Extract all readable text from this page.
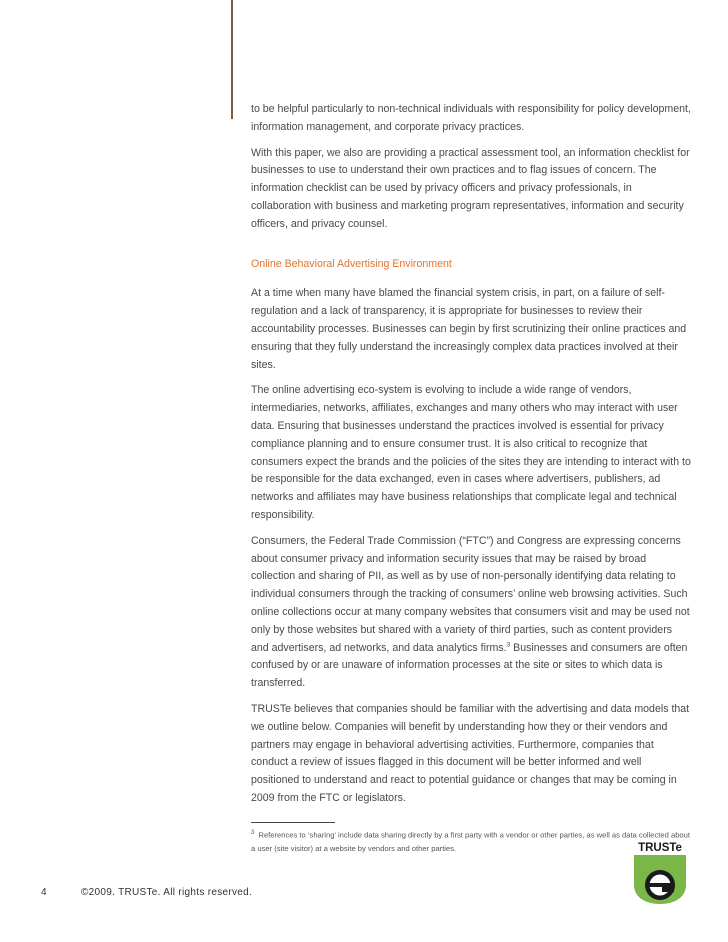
to be helpful particularly to non-technical individuals with responsibility for policy development, information management, and corporate privacy practices.

With this paper, we also are providing a practical assessment tool, an information checklist for businesses to use to understand their own practices and to flag issues of concern. The information checklist can be used by privacy officers and privacy professionals, in collaboration with business and marketing program representatives, information and security officers, and privacy counsel.

Online Behavioral Advertising Environment

At a time when many have blamed the financial system crisis, in part, on a failure of self-regulation and a lack of transparency, it is appropriate for businesses to review their accountability processes. Businesses can begin by first scrutinizing their online practices and ensuring that they fully understand the increasingly complex data practices involved at their sites.

The online advertising eco-system is evolving to include a wide range of vendors, intermediaries, networks, affiliates, exchanges and many others who may interact with user data. Ensuring that businesses understand the practices involved is essential for privacy compliance planning and to ensure consumer trust. It is also critical to recognize that consumers expect the brands and the policies of the sites they are intending to interact with to be responsible for the data exchanged, even in cases where advertisers, publishers, ad networks and affiliates may have business relationships that complicate legal and technical responsibility.

Consumers, the Federal Trade Commission (“FTC”) and Congress are expressing concerns about consumer privacy and information security issues that may be raised by broad collection and sharing of PII, as well as by use of non-personally identifying data relating to individual consumers through the tracking of consumers’ online web browsing activities. Such online collections occur at many company websites that consumers visit and may be used not only by those websites but shared with a variety of third parties, such as content providers and advertisers, ad networks, and data analytics firms.$^3$ Businesses and consumers are often confused by or are unaware of information processes at the site or sites to which data is transferred.

TRUSTe believes that companies should be familiar with the advertising and data models that we outline below. Companies will benefit by understanding how they or their vendors and partners may engage in behavioral advertising activities. Furthermore, companies that conduct a review of issues flagged in this document will be better informed and well positioned to understand and react to potential guidance or changes that may be coming in 2009 from the FTC or legislators.

$^3$ References to ‘sharing’ include data sharing directly by a first party with a vendor or other parties, as well as data collected about a user (site visitor) at a website by vendors and other parties.	TRUSTe
4	©2009. TRUSTe. All rights reserved.
